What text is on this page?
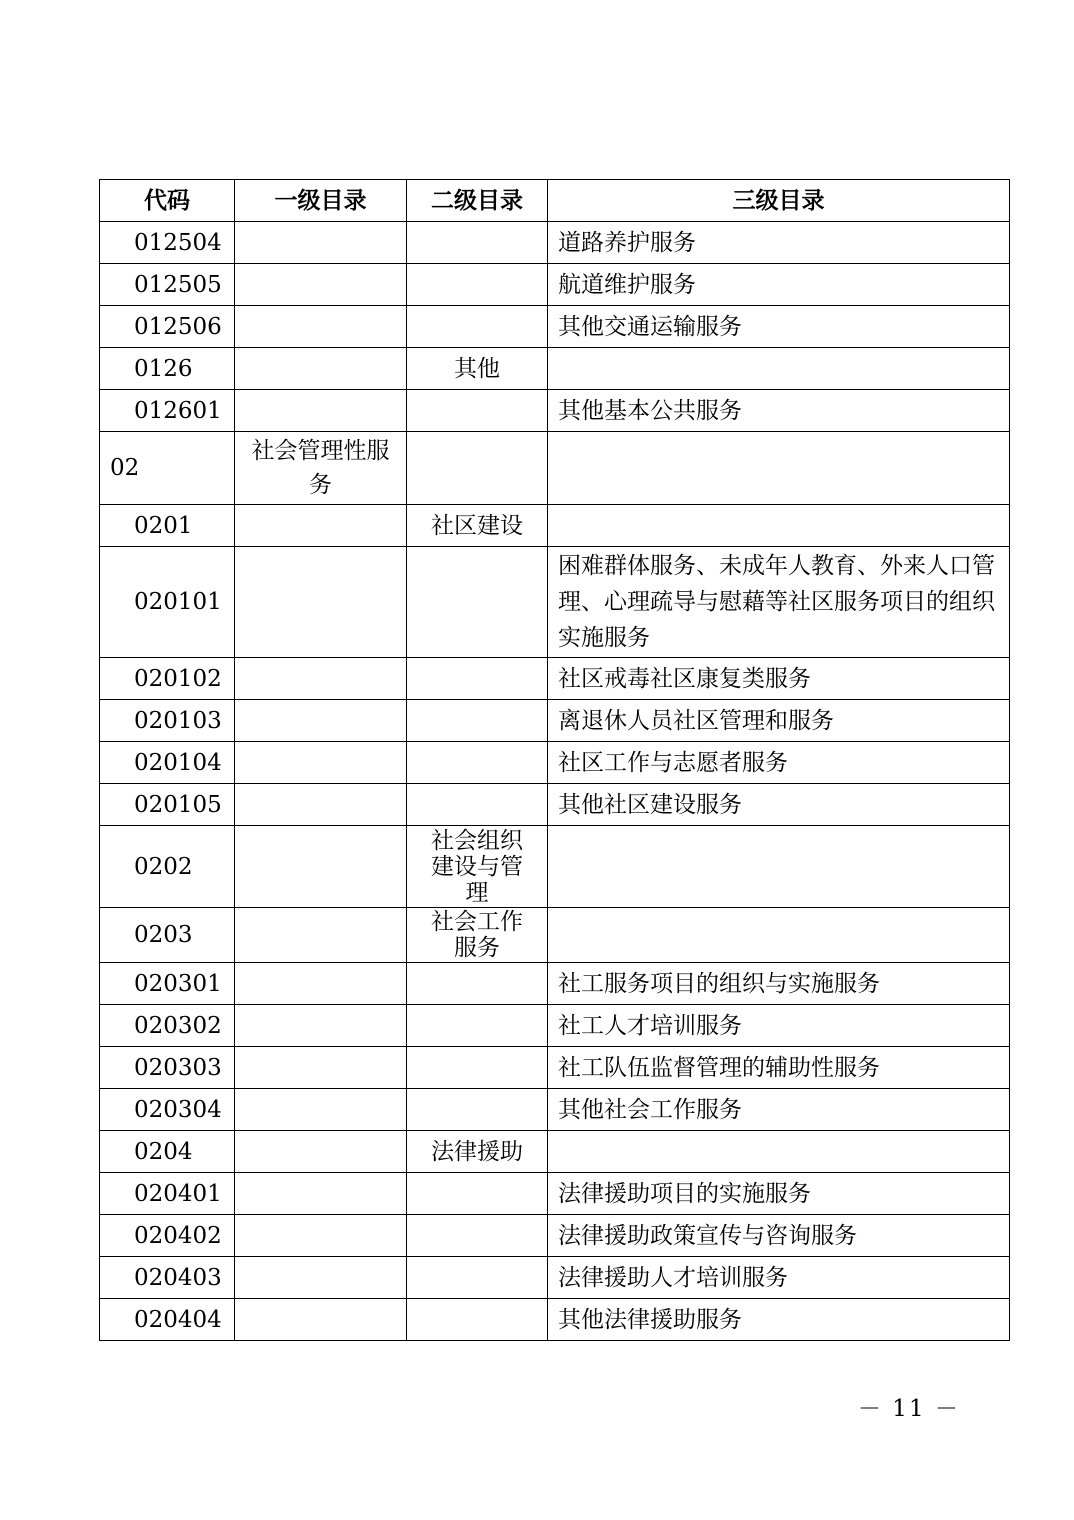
代码	一级目录	二级目录	三级目录
012504			道路养护服务
012505			航道维护服务
012506			其他交通运输服务
0126		其他	
012601			其他基本公共服务
02	社会管理性服务		
0201		社区建设	
020101			困难群体服务、未成年人教育、外来人口管理、心理疏导与慰藉等社区服务项目的组织实施服务
020102			社区戒毒社区康复类服务
020103			离退休人员社区管理和服务
020104			社区工作与志愿者服务
020105			其他社区建设服务
0202		社会组织建设与管理	
0203		社会工作服务	
020301			社工服务项目的组织与实施服务
020302			社工人才培训服务
020303			社工队伍监督管理的辅助性服务
020304			其他社会工作服务
0204		法律援助	
020401			法律援助项目的实施服务
020402			法律援助政策宣传与咨询服务
020403			法律援助人才培训服务
020404			其他法律援助服务
－ 11 －
